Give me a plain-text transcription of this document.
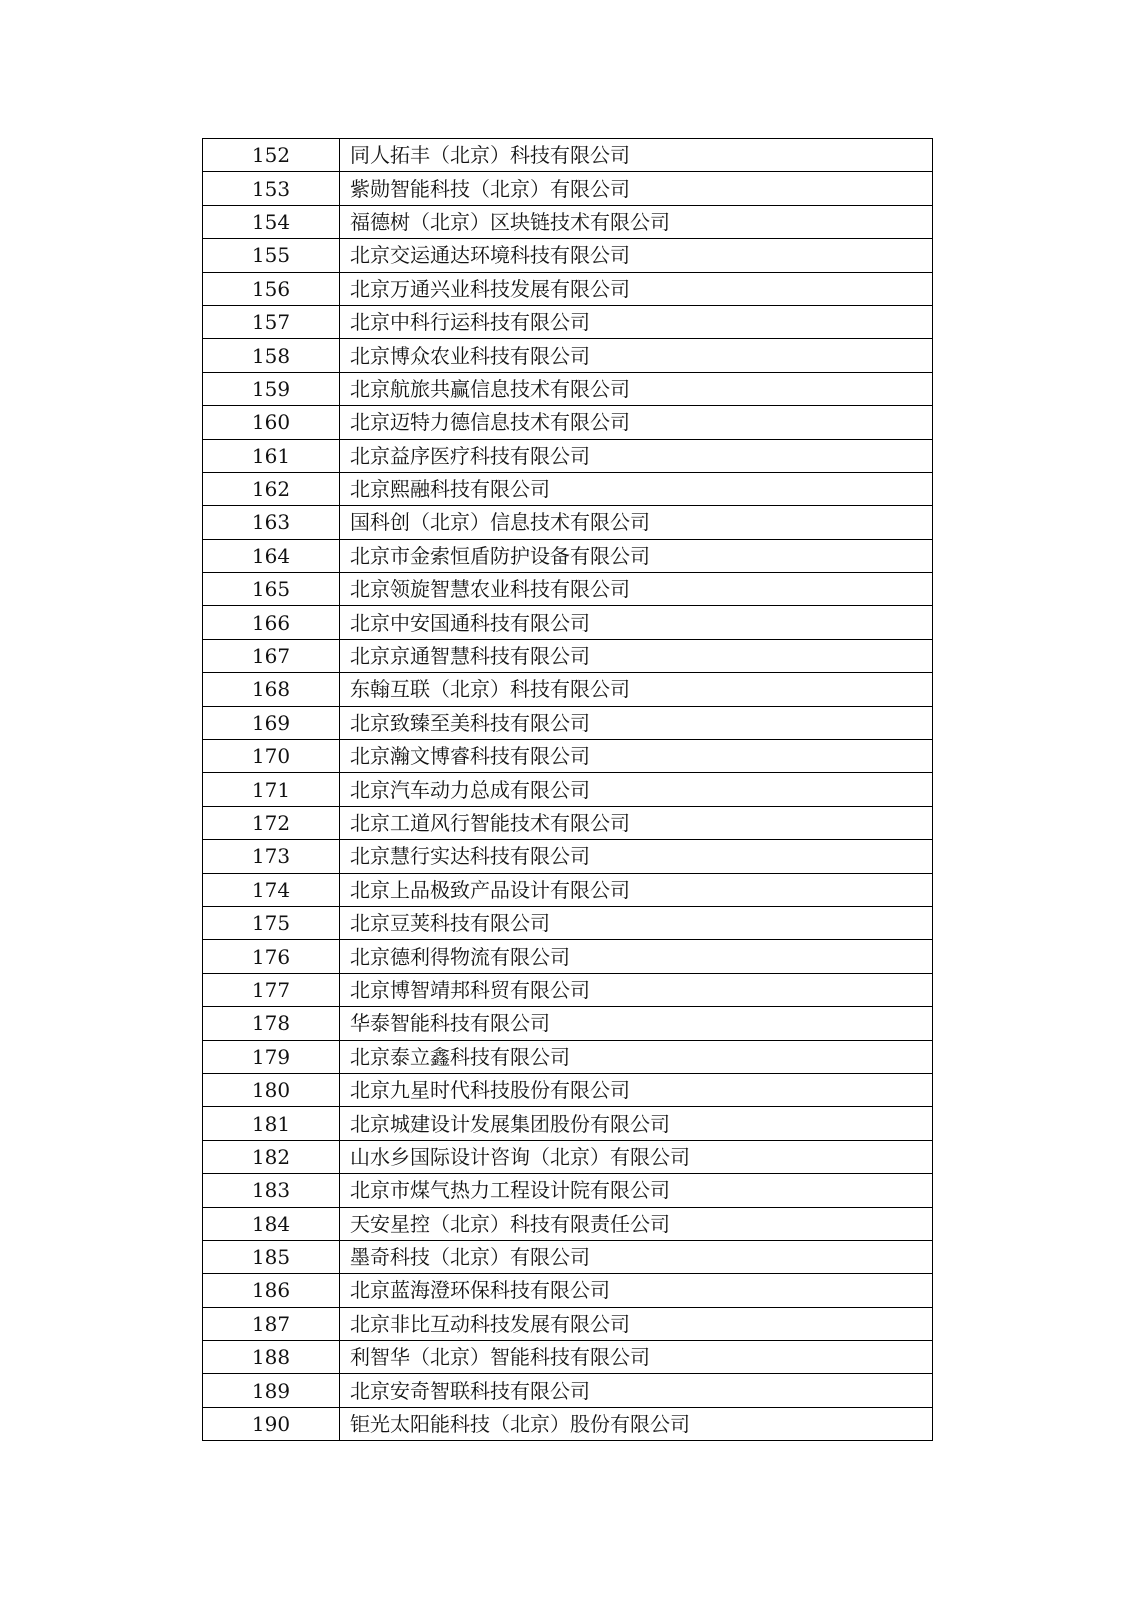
152	同人拓丰（北京）科技有限公司
153	紫勋智能科技（北京）有限公司
154	福德树（北京）区块链技术有限公司
155	北京交运通达环境科技有限公司
156	北京万通兴业科技发展有限公司
157	北京中科行运科技有限公司
158	北京博众农业科技有限公司
159	北京航旅共赢信息技术有限公司
160	北京迈特力德信息技术有限公司
161	北京益序医疗科技有限公司
162	北京熙融科技有限公司
163	国科创（北京）信息技术有限公司
164	北京市金索恒盾防护设备有限公司
165	北京领旋智慧农业科技有限公司
166	北京中安国通科技有限公司
167	北京京通智慧科技有限公司
168	东翰互联（北京）科技有限公司
169	北京致臻至美科技有限公司
170	北京瀚文博睿科技有限公司
171	北京汽车动力总成有限公司
172	北京工道风行智能技术有限公司
173	北京慧行实达科技有限公司
174	北京上品极致产品设计有限公司
175	北京豆荚科技有限公司
176	北京德利得物流有限公司
177	北京博智靖邦科贸有限公司
178	华泰智能科技有限公司
179	北京泰立鑫科技有限公司
180	北京九星时代科技股份有限公司
181	北京城建设计发展集团股份有限公司
182	山水乡国际设计咨询（北京）有限公司
183	北京市煤气热力工程设计院有限公司
184	天安星控（北京）科技有限责任公司
185	墨奇科技（北京）有限公司
186	北京蓝海澄环保科技有限公司
187	北京非比互动科技发展有限公司
188	利智华（北京）智能科技有限公司
189	北京安奇智联科技有限公司
190	钜光太阳能科技（北京）股份有限公司
